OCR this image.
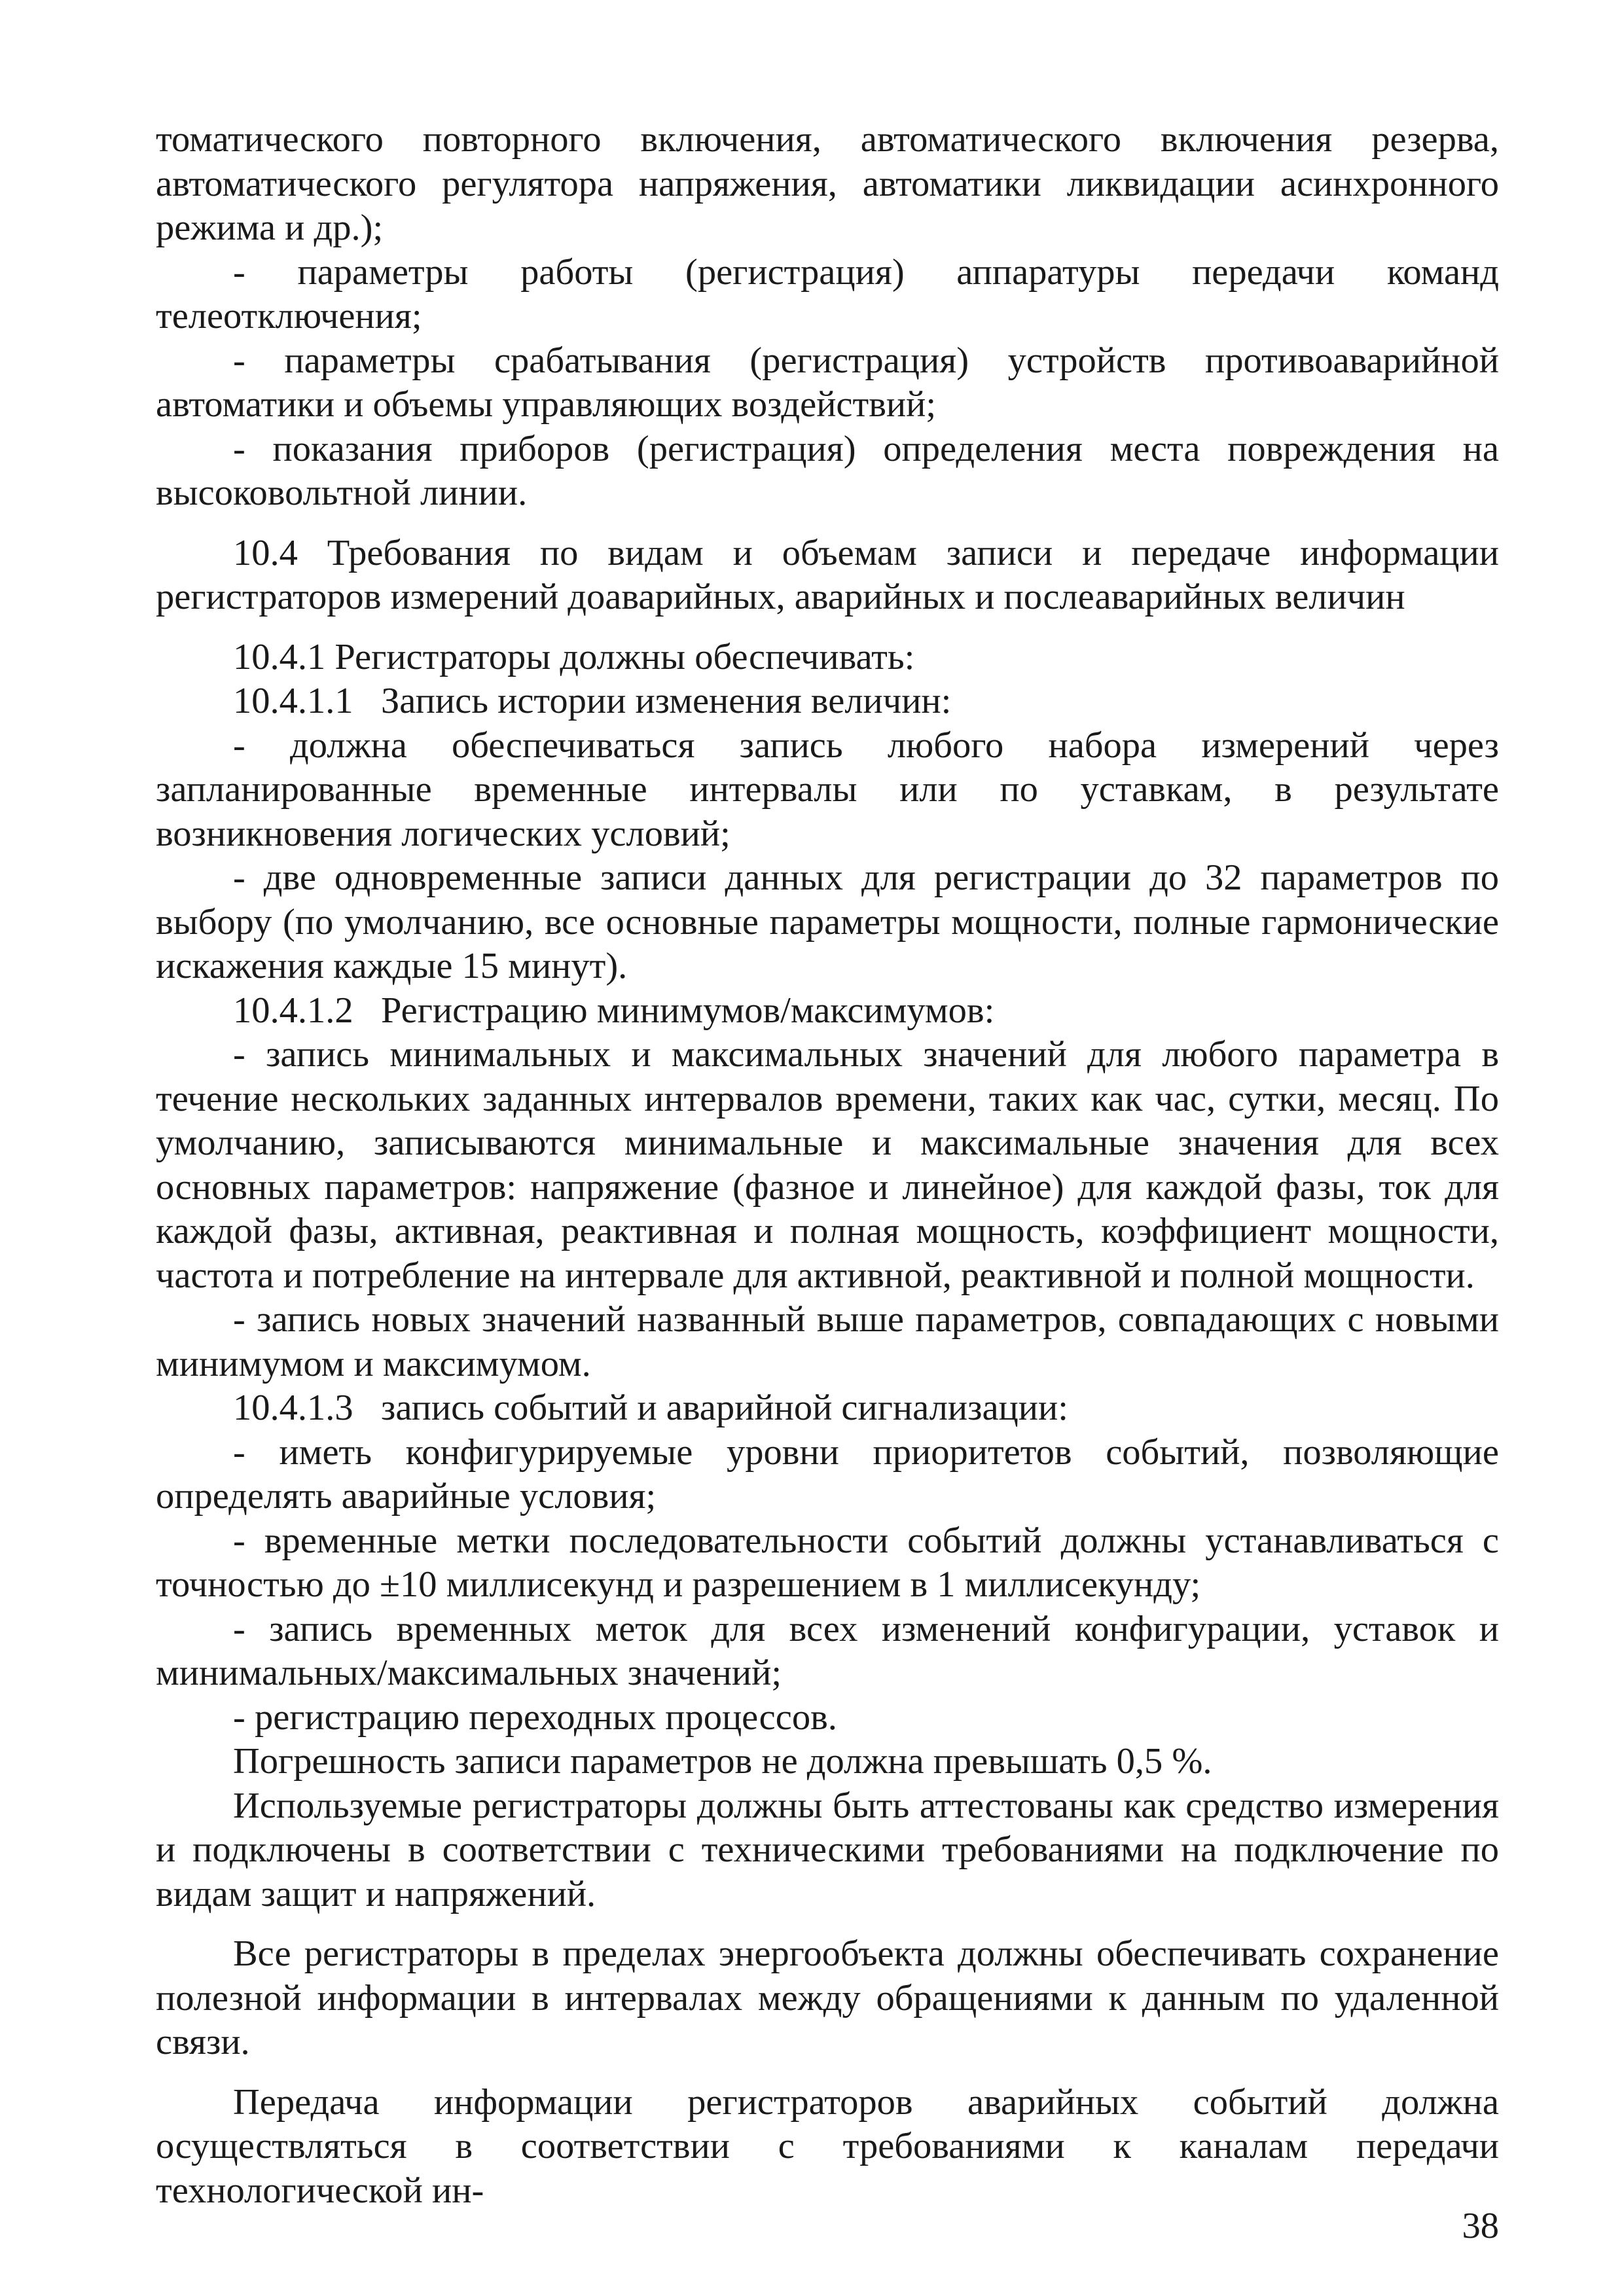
томатического повторного включения, автоматического включения резерва, автоматического регулятора напряжения, автоматики ликвидации асинхронного режима и др.);

- параметры работы (регистрация) аппаратуры передачи команд телеотключения;

- параметры срабатывания (регистрация) устройств противоаварийной автоматики и объемы управляющих воздействий;

- показания приборов (регистрация) определения места повреждения на высоковольтной линии.

10.4 Требования по видам и объемам записи и передаче информации регистраторов измерений доаварийных, аварийных и послеаварийных величин

10.4.1 Регистраторы должны обеспечивать:

10.4.1.1   Запись истории изменения величин:

- должна обеспечиваться запись любого набора измерений через запланированные временные интервалы или по уставкам, в результате возникновения логических условий;

- две одновременные записи данных для регистрации до 32 параметров по выбору (по умолчанию, все основные параметры мощности, полные гармонические искажения каждые 15 минут).

10.4.1.2   Регистрацию минимумов/максимумов:

- запись минимальных и максимальных значений для любого параметра в течение нескольких заданных интервалов времени, таких как час, сутки, месяц. По умолчанию, записываются минимальные и максимальные значения для всех основных параметров: напряжение (фазное и линейное) для каждой фазы, ток для каждой фазы, активная, реактивная и полная мощность, коэффициент мощности, частота и потребление на интервале для активной, реактивной и полной мощности.

- запись новых значений названный выше параметров, совпадающих с новыми минимумом и максимумом.

10.4.1.3   запись событий и аварийной сигнализации:

- иметь конфигурируемые уровни приоритетов событий, позволяющие определять аварийные условия;

- временные метки последовательности событий должны устанавливаться с точностью до ±10 миллисекунд и разрешением в 1 миллисекунду;

- запись временных меток для всех изменений конфигурации, уставок и минимальных/максимальных значений;

- регистрацию переходных процессов.

Погрешность записи параметров не должна превышать 0,5 %.

Используемые регистраторы должны быть аттестованы как средство измерения и подключены в соответствии с техническими требованиями на подключение по видам защит и напряжений.

Все регистраторы в пределах энергообъекта должны обеспечивать сохранение полезной информации в интервалах между обращениями к данным по удаленной связи.

Передача информации регистраторов аварийных событий должна осуществляться в соответствии с требованиями к каналам передачи технологической ин-

38
